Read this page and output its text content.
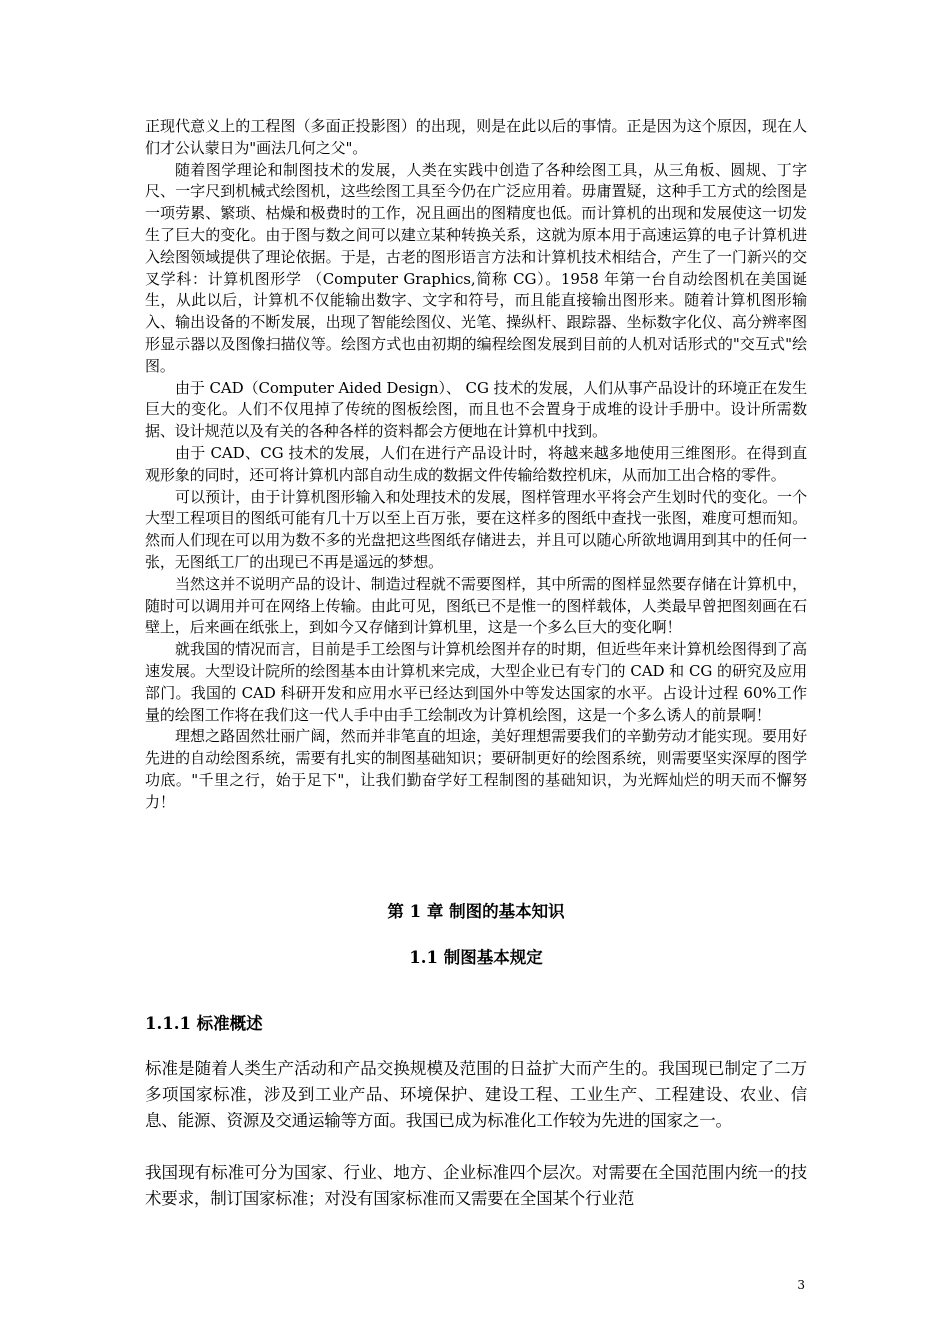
正现代意义上的工程图（多面正投影图）的出现，则是在此以后的事情。正是因为这个原因，现在人们才公认蒙日为"画法几何之父"。

随着图学理论和制图技术的发展，人类在实践中创造了各种绘图工具，从三角板、圆规、丁字尺、一字尺到机械式绘图机，这些绘图工具至今仍在广泛应用着。毋庸置疑，这种手工方式的绘图是一项劳累、繁琐、枯燥和极费时的工作，况且画出的图精度也低。而计算机的出现和发展使这一切发生了巨大的变化。由于图与数之间可以建立某种转换关系，这就为原本用于高速运算的电子计算机进入绘图领域提供了理论依据。于是，古老的图形语言方法和计算机技术相结合，产生了一门新兴的交叉学科：计算机图形学 （Computer Graphics,简称 CG）。1958 年第一台自动绘图机在美国诞生，从此以后，计算机不仅能输出数字、文字和符号，而且能直接输出图形来。随着计算机图形输入、输出设备的不断发展，出现了智能绘图仪、光笔、操纵杆、跟踪器、坐标数字化仪、高分辨率图形显示器以及图像扫描仪等。绘图方式也由初期的编程绘图发展到目前的人机对话形式的"交互式"绘图。

由于 CAD（Computer Aided Design）、 CG 技术的发展，人们从事产品设计的环境正在发生巨大的变化。人们不仅甩掉了传统的图板绘图，而且也不会置身于成堆的设计手册中。设计所需数据、设计规范以及有关的各种各样的资料都会方便地在计算机中找到。

由于 CAD、CG 技术的发展，人们在进行产品设计时，将越来越多地使用三维图形。在得到直观形象的同时，还可将计算机内部自动生成的数据文件传输给数控机床，从而加工出合格的零件。

可以预计，由于计算机图形输入和处理技术的发展，图样管理水平将会产生划时代的变化。一个大型工程项目的图纸可能有几十万以至上百万张，要在这样多的图纸中查找一张图，难度可想而知。然而人们现在可以用为数不多的光盘把这些图纸存储进去，并且可以随心所欲地调用到其中的任何一张，无图纸工厂的出现已不再是遥远的梦想。

当然这并不说明产品的设计、制造过程就不需要图样，其中所需的图样显然要存储在计算机中，随时可以调用并可在网络上传输。由此可见，图纸已不是惟一的图样载体，人类最早曾把图刻画在石壁上，后来画在纸张上，到如今又存储到计算机里，这是一个多么巨大的变化啊！

就我国的情况而言，目前是手工绘图与计算机绘图并存的时期，但近些年来计算机绘图得到了高速发展。大型设计院所的绘图基本由计算机来完成，大型企业已有专门的 CAD 和 CG 的研究及应用部门。我国的 CAD 科研开发和应用水平已经达到国外中等发达国家的水平。占设计过程 60%工作量的绘图工作将在我们这一代人手中由手工绘制改为计算机绘图，这是一个多么诱人的前景啊！

理想之路固然壮丽广阔，然而并非笔直的坦途，美好理想需要我们的辛勤劳动才能实现。要用好先进的自动绘图系统，需要有扎实的制图基础知识；要研制更好的绘图系统，则需要坚实深厚的图学功底。"千里之行，始于足下"，让我们勤奋学好工程制图的基础知识，为光辉灿烂的明天而不懈努力！

第 1 章 制图的基本知识
1.1 制图基本规定
1.1.1 标准概述

标准是随着人类生产活动和产品交换规模及范围的日益扩大而产生的。我国现已制定了二万多项国家标准，涉及到工业产品、环境保护、建设工程、工业生产、工程建设、农业、信息、能源、资源及交通运输等方面。我国已成为标准化工作较为先进的国家之一。

我国现有标准可分为国家、行业、地方、企业标准四个层次。对需要在全国范围内统一的技术要求，制订国家标准；对没有国家标准而又需要在全国某个行业范

3
